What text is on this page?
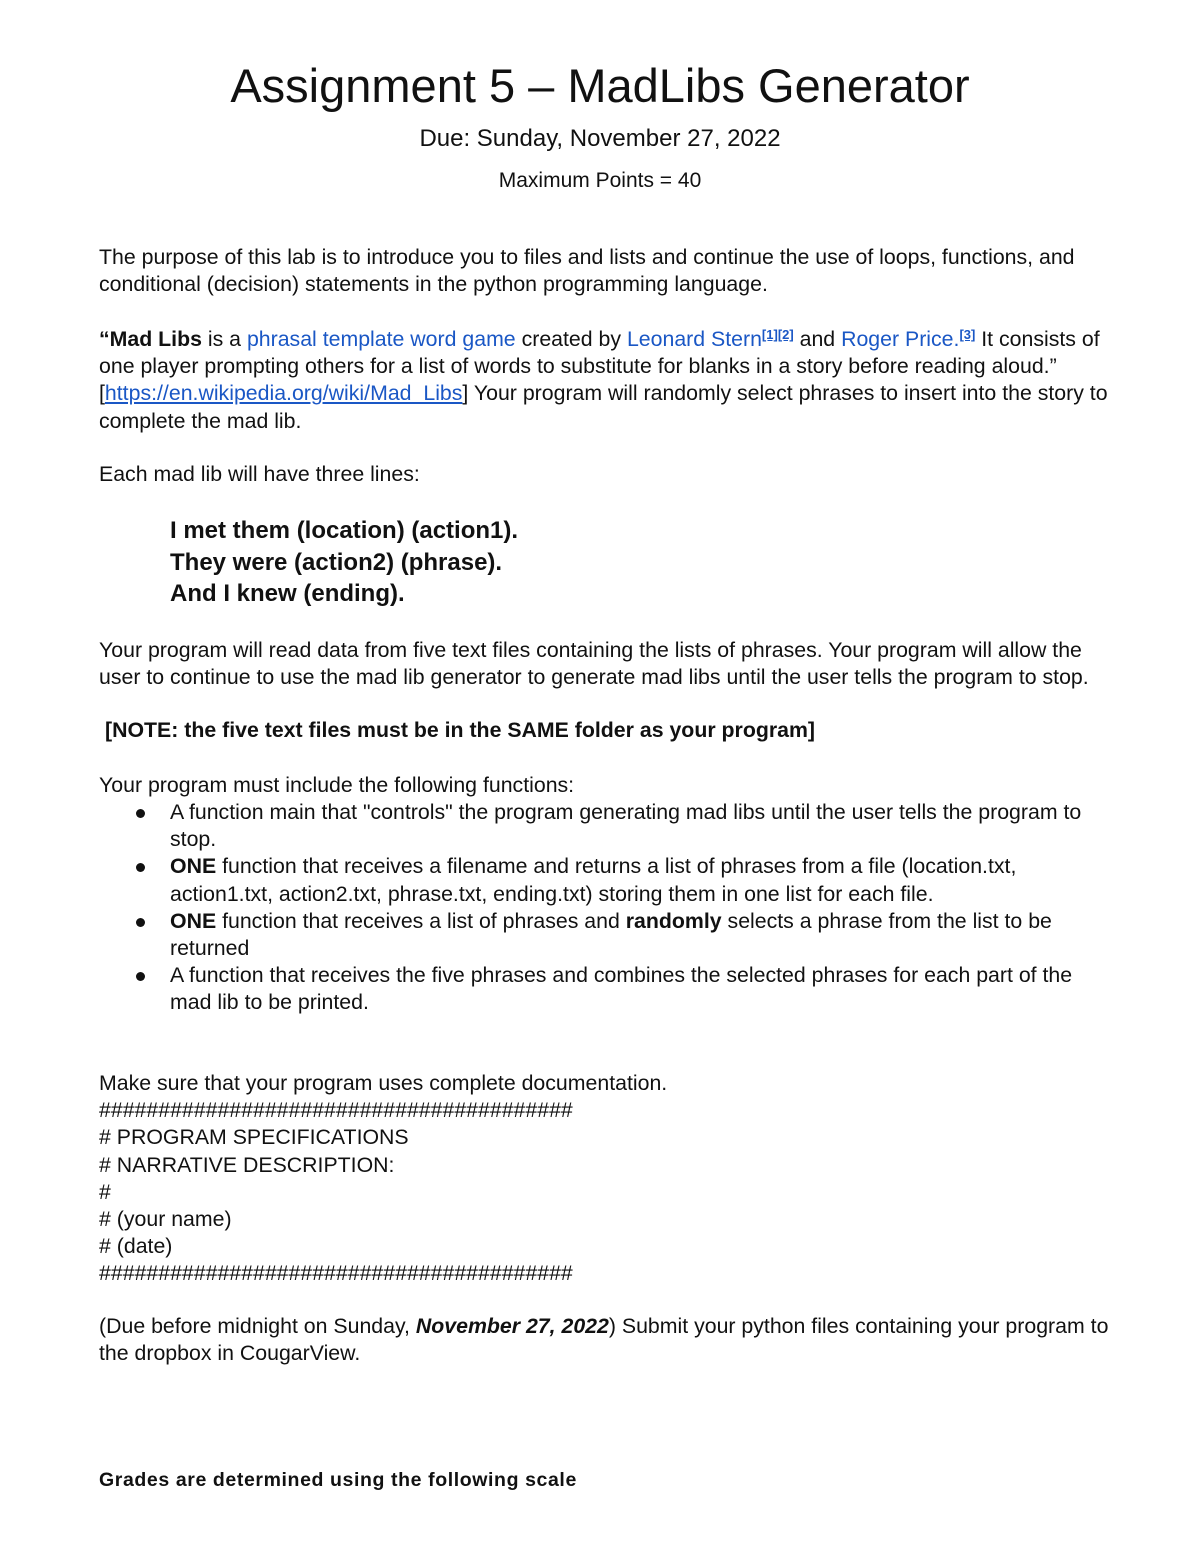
Assignment 5 – MadLibs Generator
Due: Sunday, November 27, 2022
Maximum Points = 40
The purpose of this lab is to introduce you to files and lists and continue the use of loops, functions, and conditional (decision) statements in the python programming language.
“Mad Libs is a phrasal template word game created by Leonard Stern[1][2] and Roger Price.[3] It consists of one player prompting others for a list of words to substitute for blanks in a story before reading aloud.” [https://en.wikipedia.org/wiki/Mad_Libs] Your program will randomly select phrases to insert into the story to complete the mad lib.
Each mad lib will have three lines:
I met them (location) (action1).
They were (action2) (phrase).
And I knew (ending).
Your program will read data from five text files containing the lists of phrases. Your program will allow the user to continue to use the mad lib generator to generate mad libs until the user tells the program to stop.
[NOTE: the five text files must be in the SAME folder as your program]
Your program must include the following functions:
A function main that "controls" the program generating mad libs until the user tells the program to stop.
ONE function that receives a filename and returns a list of phrases from a file (location.txt, action1.txt, action2.txt, phrase.txt, ending.txt) storing them in one list for each file.
ONE function that receives a list of phrases and randomly selects a phrase from the list to be returned
A function that receives the five phrases and combines the selected phrases for each part of the mad lib to be printed.
Make sure that your program uses complete documentation.
########################################
# PROGRAM SPECIFICATIONS
# NARRATIVE DESCRIPTION:
#
# (your name)
# (date)
########################################
(Due before midnight on Sunday, November 27, 2022) Submit your python files containing your program to the dropbox in CougarView.
Grades are determined using the following scale
